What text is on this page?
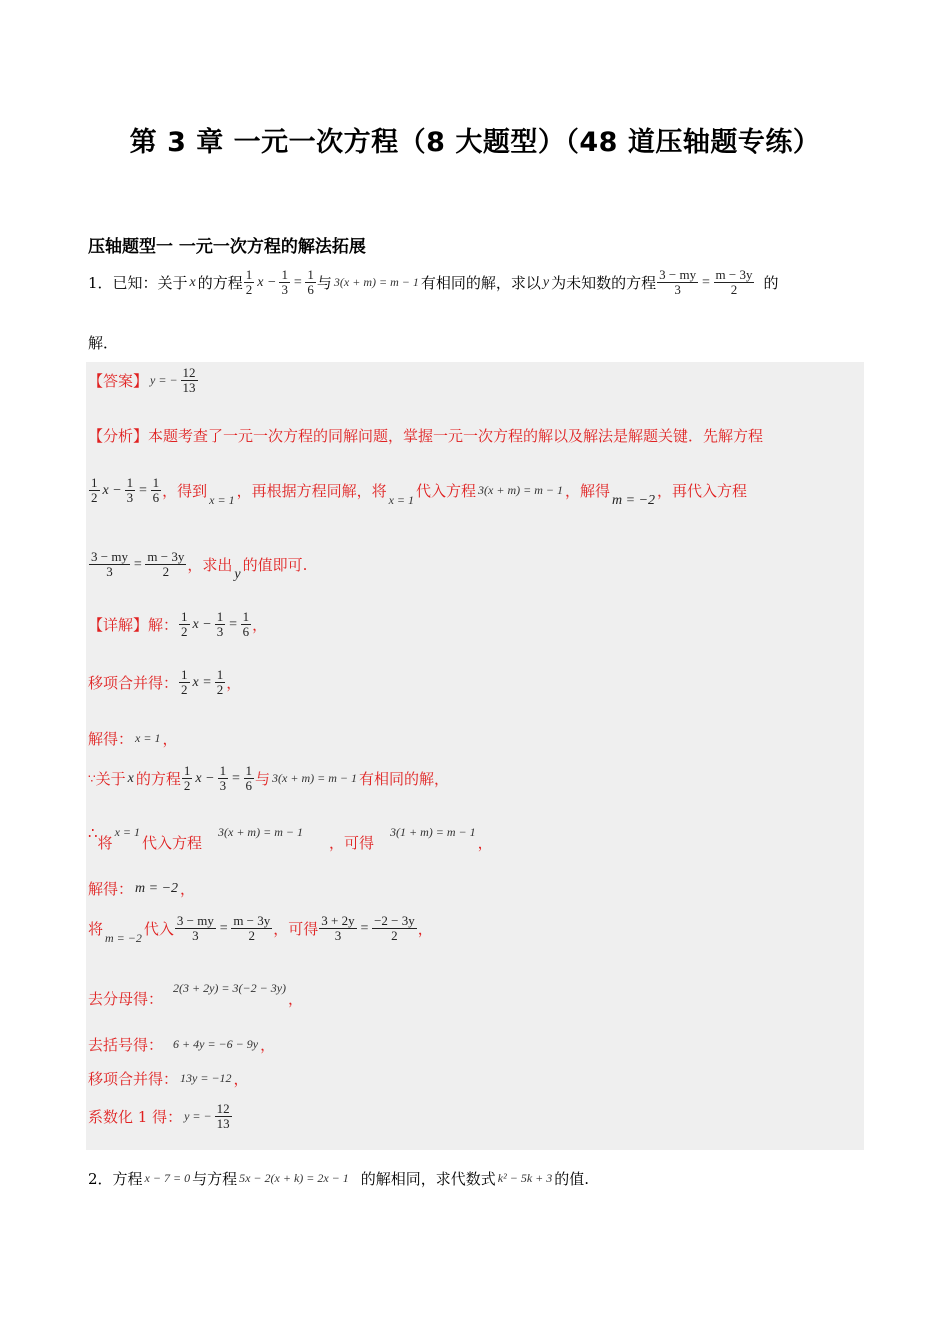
第 3 章 一元一次方程（8 大题型）（48 道压轴题专练）
压轴题型一 一元一次方程的解法拓展
1．已知：关于 x 的方程 $\frac{1}{2}$ $x - \frac{1}{3} = \frac{1}{6}$ 与 3(x + m) = m − 1 有相同的解，求以 y 为未知数的方程 $\frac{3 - my}{3} = \frac{m - 3y}{2}$ 的
解．
【答案】 y = − $\frac{12}{13}$
【分析】 本题考查了一元一次方程的同解问题，掌握一元一次方程的解以及解法是解题关键．先解方程
$\frac{1}{2}$ $x - \frac{1}{3} = \frac{1}{6}$ ，得到 x = 1 ，再根据方程同解，将 x = 1 代入方程 3(x + m) = m − 1 ，解得 m = −2 ，再代入方程
$\frac{3 - my}{3} = \frac{m - 3y}{2}$ ，求出 y 的值即可.
【详解】 解： $\frac{1}{2}$ $x - \frac{1}{3} = \frac{1}{6}$ ，
移项合并得： $\frac{1}{2}$ $x = \frac{1}{2}$ ，
解得： x = 1 ，
∵ 关于 x 的方程 $\frac{1}{2}$ $x - \frac{1}{3} = \frac{1}{6}$ 与 3(x + m) = m − 1 有相同的解，
∴
将
x = 1
代入方程
3(x + m) = m − 1
，可得
3(1 + m) = m − 1
，
解得： m = −2 ，
将 m = −2 代入 $\frac{3 - my}{3} = \frac{m - 3y}{2}$ ，可得 $\frac{3 + 2y}{3} = \frac{-2 - 3y}{2}$ ，
去分母得：
2(3 + 2y) = 3(−2 − 3y)
，
去括号得： 6 + 4y = −6 − 9y ，
移项合并得： 13y = −12 ，
系数化 1 得： y = − $\frac{12}{13}$
2．方程 x − 7 = 0 与方程 5x − 2(x + k) = 2x − 1 的解相同，求代数式 k² − 5k + 3 的值.
